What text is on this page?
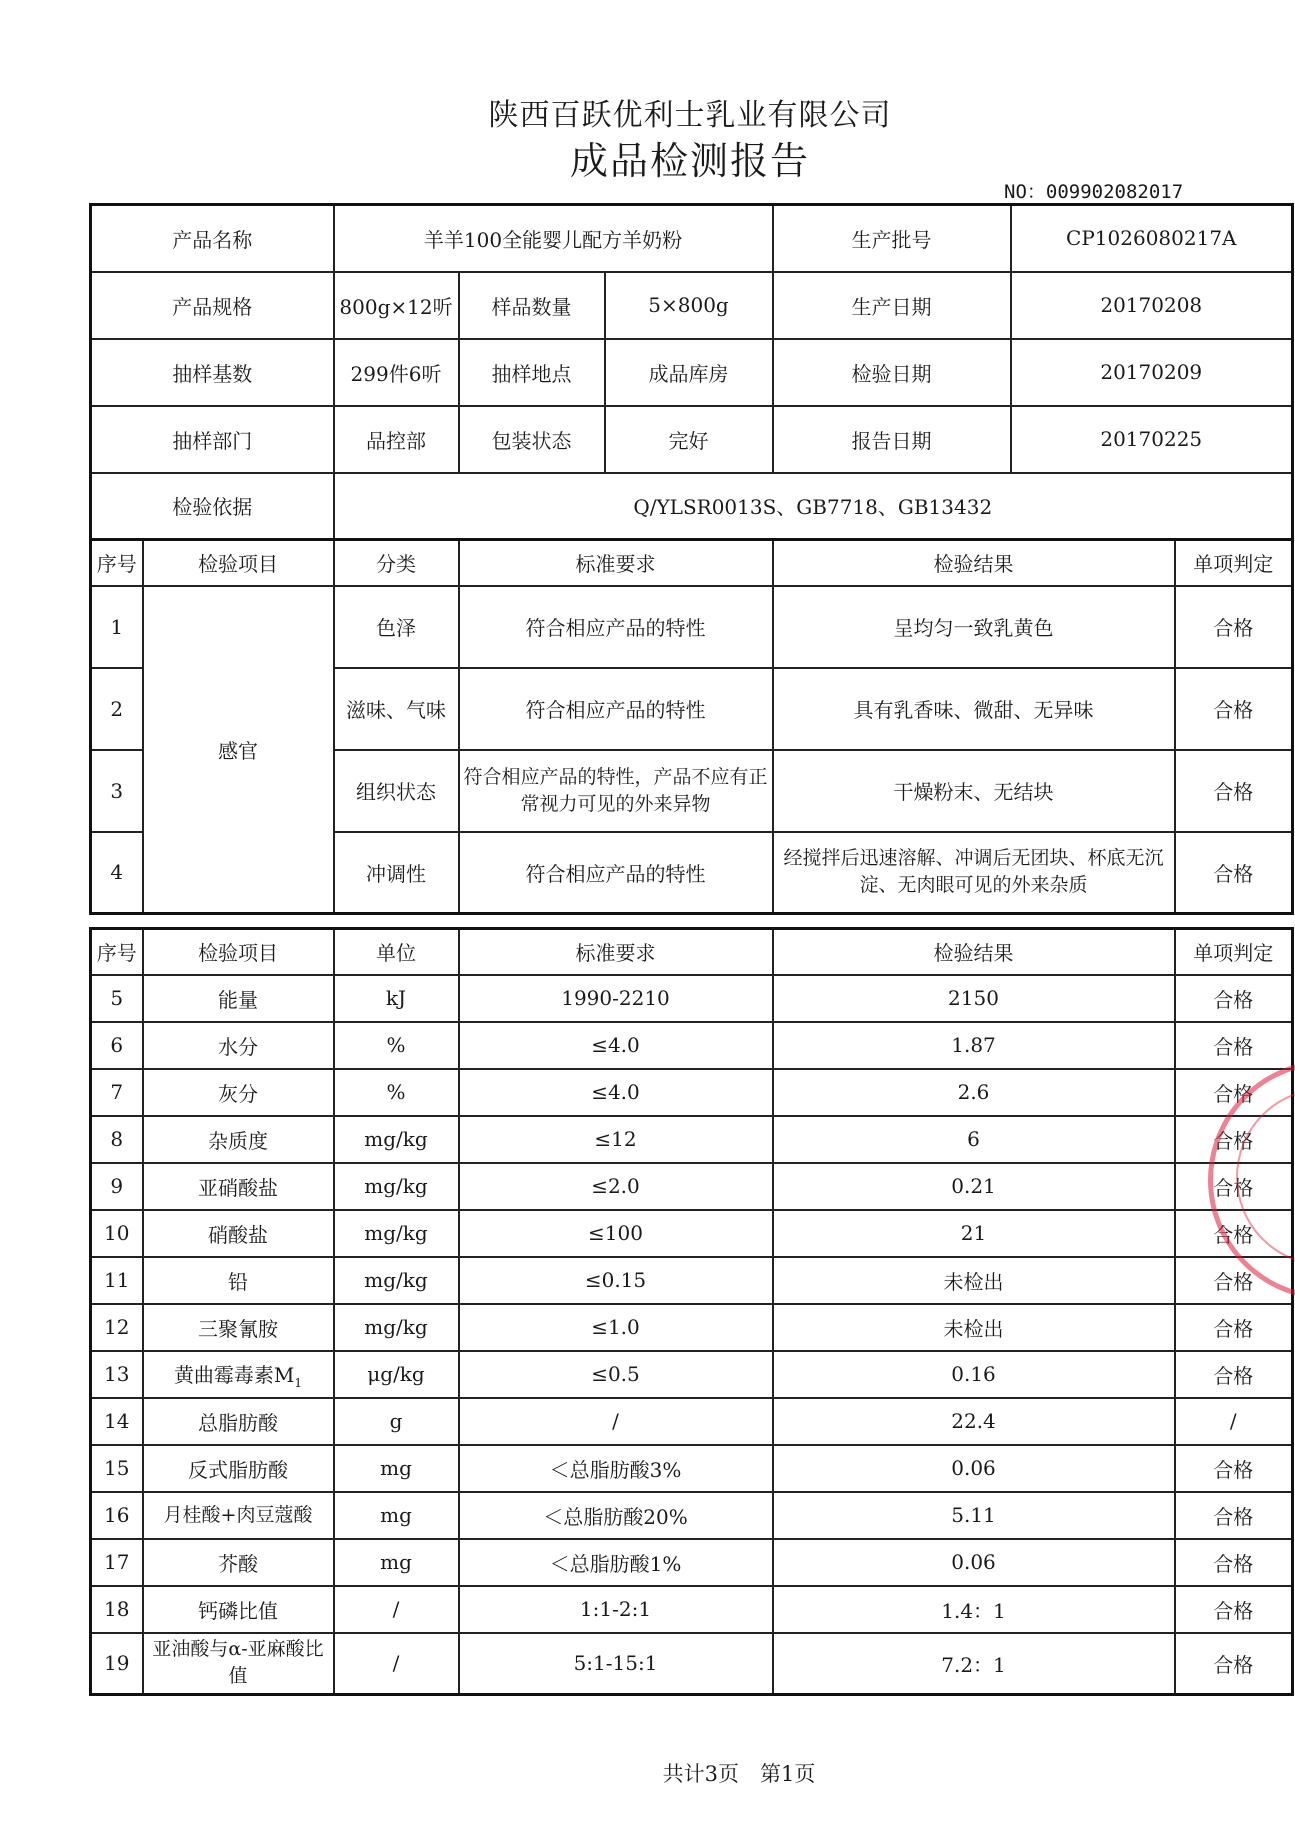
陕西百跃优利士乳业有限公司
成品检测报告
NO：009902082017
产品名称	羊羊100全能婴儿配方羊奶粉			生产批号	CP1026080217A
产品规格	800g×12听	样品数量	5×800g	生产日期	20170208
抽样基数	299件6听	抽样地点	成品库房	检验日期	20170209
抽样部门	品控部	包装状态	完好	报告日期	20170225
检验依据	Q/YLSR0013S、GB7718、GB13432				
序号	检验项目	分类	标准要求	检验结果	单项判定
1	感官	色泽	符合相应产品的特性	呈均匀一致乳黄色	合格
2		滋味、气味	符合相应产品的特性	具有乳香味、微甜、无异味	合格
3		组织状态	符合相应产品的特性，产品不应有正常视力可见的外来异物	干燥粉末、无结块	合格
4		冲调性	符合相应产品的特性	经搅拌后迅速溶解、冲调后无团块、杯底无沉淀、无肉眼可见的外来杂质	合格
序号	检验项目	单位	标准要求	检验结果	单项判定
5	能量	kJ	1990-2210	2150	合格
6	水分	%	≤4.0	1.87	合格
7	灰分	%	≤4.0	2.6	合格
8	杂质度	mg/kg	≤12	6	合格
9	亚硝酸盐	mg/kg	≤2.0	0.21	合格
10	硝酸盐	mg/kg	≤100	21	合格
11	铅	mg/kg	≤0.15	未检出	合格
12	三聚氰胺	mg/kg	≤1.0	未检出	合格
13	黄曲霉毒素$M_1$	μg/kg	≤0.5	0.16	合格
14	总脂肪酸	g	/	22.4	/
15	反式脂肪酸	mg	＜总脂肪酸3%	0.06	合格
16	月桂酸+肉豆蔻酸	mg	＜总脂肪酸20%	5.11	合格
17	芥酸	mg	＜总脂肪酸1%	0.06	合格
18	钙磷比值	/	1:1-2:1	1.4：1	合格
19	亚油酸与α-亚麻酸比值	/	5:1-15:1	7.2：1	合格
共计3页　第1页
